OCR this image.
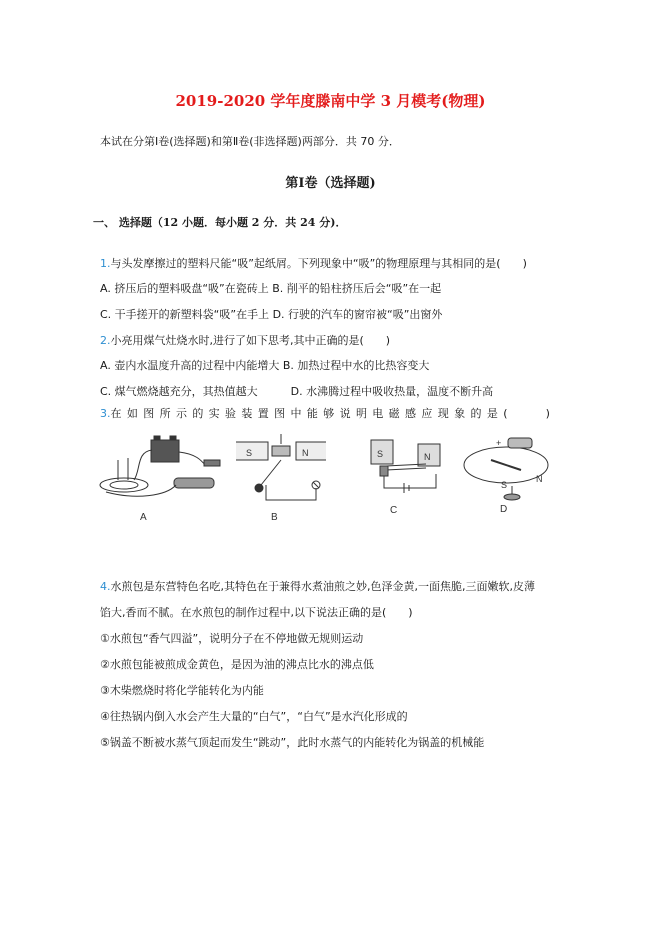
2019-2020 学年度滕南中学 3 月模考(物理)
本试在分第Ⅰ卷(选择题)和第Ⅱ卷(非选择题)两部分．共 70 分．
第Ⅰ卷（选择题)
一、 选择题（12 小题．每小题 2 分．共 24 分)．
1.与头发摩擦过的塑料尺能“吸”起纸屑。下列现象中“吸”的物理原理与其相同的是(　　)
A. 挤压后的塑料吸盘“吸”在瓷砖上 B. 削平的铅柱挤压后会“吸”在一起
C. 干手搓开的新塑料袋“吸”在手上 D. 行驶的汽车的窗帘被“吸”出窗外
2.小亮用煤气灶烧水时,进行了如下思考,其中正确的是(　　)
A. 壶内水温度升高的过程中内能增大 B. 加热过程中水的比热容变大
C. 煤气燃烧越充分，其热值越大　　　D. 水沸腾过程中吸收热量，温度不断升高
3.在如图所示的实验装置图中能够说明电磁感应现象的是(　　)
A
S	N
B
S	N
C
+
N
S
D
4.水煎包是东营特色名吃,其特色在于兼得水煮油煎之妙,色泽金黄,一面焦脆,三面嫩软,皮薄
馅大,香而不腻。在水煎包的制作过程中,以下说法正确的是(　　)
①水煎包“香气四溢”，说明分子在不停地做无规则运动
②水煎包能被煎成金黄色，是因为油的沸点比水的沸点低
③木柴燃烧时将化学能转化为内能
④往热锅内倒入水会产生大量的“白气”，“白气”是水汽化形成的
⑤锅盖不断被水蒸气顶起而发生“跳动”，此时水蒸气的内能转化为锅盖的机械能
